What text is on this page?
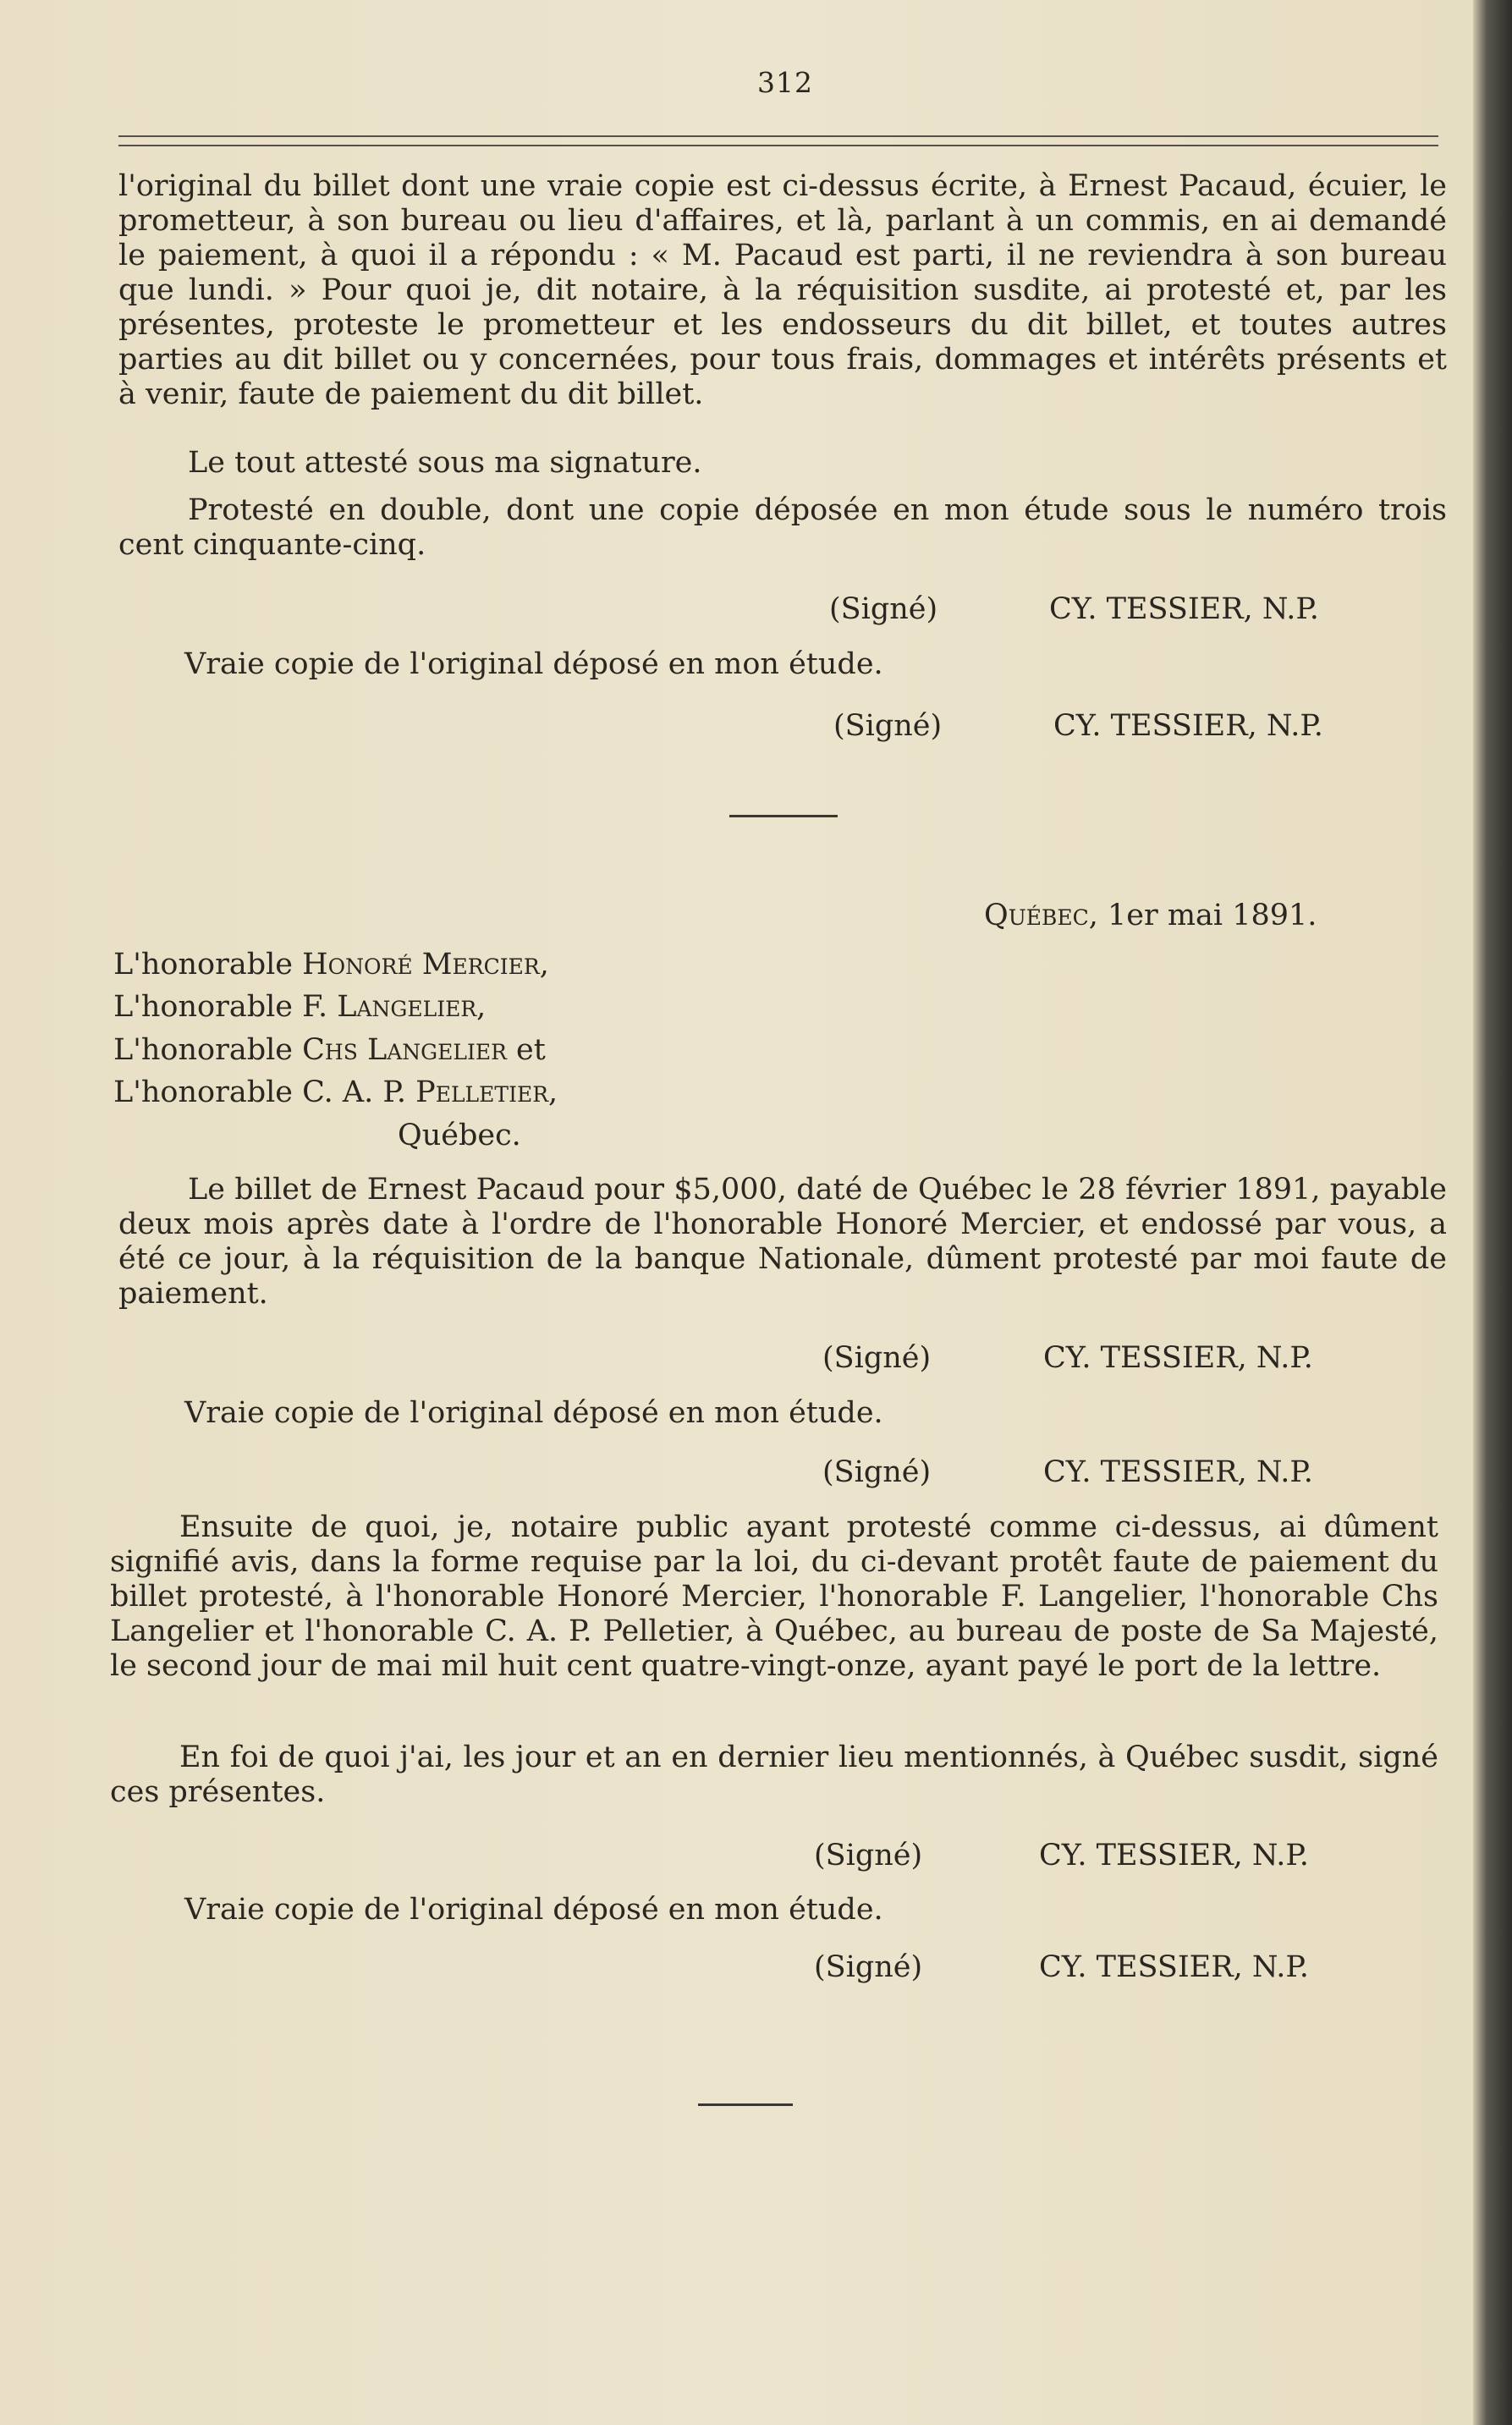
312

l'original du billet dont une vraie copie est ci-dessus écrite, à Ernest Pacaud, écuier, le prometteur, à son bureau ou lieu d'affaires, et là, parlant à un commis, en ai demandé le paiement, à quoi il a répondu : « M. Pacaud est parti, il ne reviendra à son bureau que lundi. » Pour quoi je, dit notaire, à la réquisition susdite, ai protesté et, par les présentes, proteste le prometteur et les endosseurs du dit billet, et toutes autres parties au dit billet ou y concernées, pour tous frais, dommages et intérêts présents et à venir, faute de paiement du dit billet.

Le tout attesté sous ma signature.

Protesté en double, dont une copie déposée en mon étude sous le numéro trois cent cinquante-cinq.

(Signé)	CY. TESSIER, N.P.
Vraie copie de l'original déposé en mon étude.
(Signé)	CY. TESSIER, N.P.
Québec, 1er mai 1891.
L'honorable Honoré Mercier,
L'honorable F. Langelier,
L'honorable Chs Langelier et
L'honorable C. A. P. Pelletier,
Québec.

Le billet de Ernest Pacaud pour $5,000, daté de Québec le 28 février 1891, payable deux mois après date à l'ordre de l'honorable Honoré Mercier, et endossé par vous, a été ce jour, à la réquisition de la banque Nationale, dûment protesté par moi faute de paiement.

(Signé)	CY. TESSIER, N.P.
Vraie copie de l'original déposé en mon étude.
(Signé)	CY. TESSIER, N.P.

Ensuite de quoi, je, notaire public ayant protesté comme ci-dessus, ai dûment signifié avis, dans la forme requise par la loi, du ci-devant protêt faute de paiement du billet protesté, à l'honorable Honoré Mercier, l'honorable F. Langelier, l'honorable Chs Langelier et l'honorable C. A. P. Pelletier, à Québec, au bureau de poste de Sa Majesté, le second jour de mai mil huit cent quatre-vingt-onze, ayant payé le port de la lettre.

En foi de quoi j'ai, les jour et an en dernier lieu mentionnés, à Québec susdit, signé ces présentes.

(Signé)	CY. TESSIER, N.P.
Vraie copie de l'original déposé en mon étude.
(Signé)	CY. TESSIER, N.P.
